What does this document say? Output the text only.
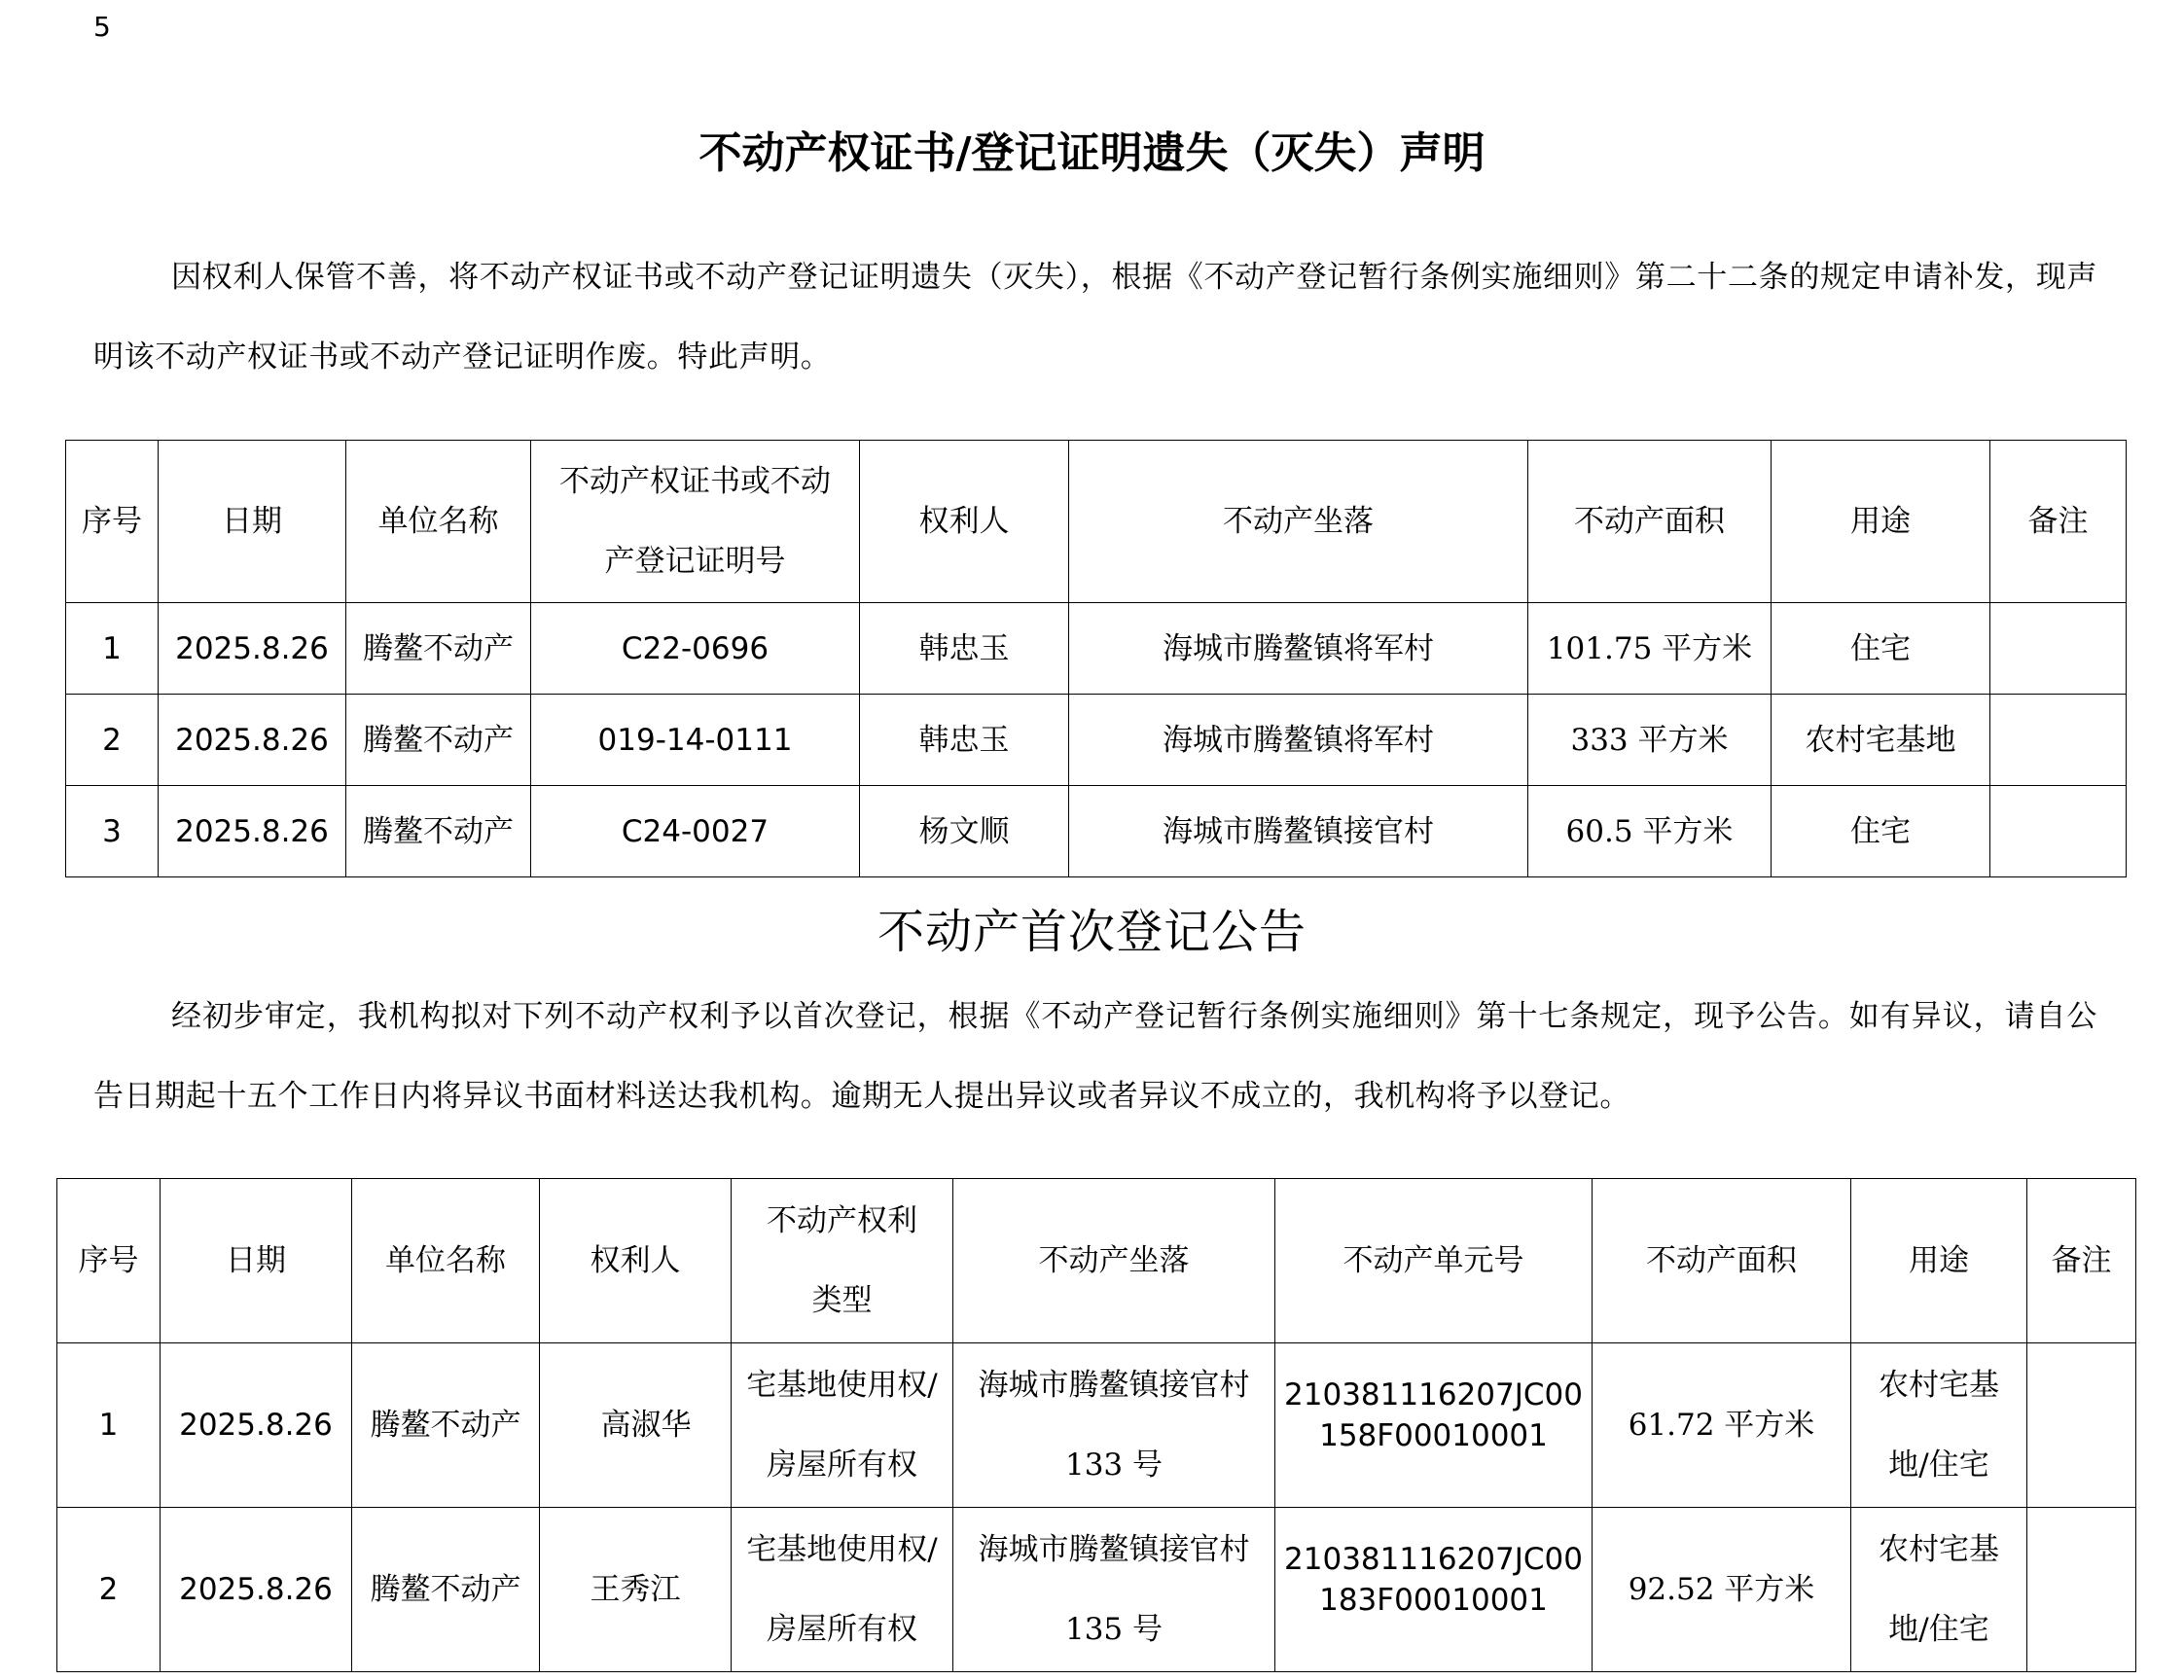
5
不动产权证书/登记证明遗失（灭失）声明
因权利人保管不善，将不动产权证书或不动产登记证明遗失（灭失），根据《不动产登记暂行条例实施细则》第二十二条的规定申请补发，现声明该不动产权证书或不动产登记证明作废。特此声明。
序号	日期	单位名称	不动产权证书或不动产登记证明号	权利人	不动产坐落	不动产面积	用途	备注
1	2025.8.26	腾鳌不动产	C22-0696	韩忠玉	海城市腾鳌镇将军村	101.75 平方米	住宅	
2	2025.8.26	腾鳌不动产	019-14-0111	韩忠玉	海城市腾鳌镇将军村	333 平方米	农村宅基地	
3	2025.8.26	腾鳌不动产	C24-0027	杨文顺	海城市腾鳌镇接官村	60.5 平方米	住宅	
不动产首次登记公告
经初步审定，我机构拟对下列不动产权利予以首次登记，根据《不动产登记暂行条例实施细则》第十七条规定，现予公告。如有异议，请自公告日期起十五个工作日内将异议书面材料送达我机构。逾期无人提出异议或者异议不成立的，我机构将予以登记。
序号	日期	单位名称	权利人	不动产权利类型	不动产坐落	不动产单元号	不动产面积	用途	备注
1	2025.8.26	腾鳌不动产	高淑华	宅基地使用权/房屋所有权	海城市腾鳌镇接官村 133 号	210381116207JC00158F00010001	61.72 平方米	农村宅基地/住宅	
2	2025.8.26	腾鳌不动产	王秀江	宅基地使用权/房屋所有权	海城市腾鳌镇接官村 135 号	210381116207JC00183F00010001	92.52 平方米	农村宅基地/住宅	
